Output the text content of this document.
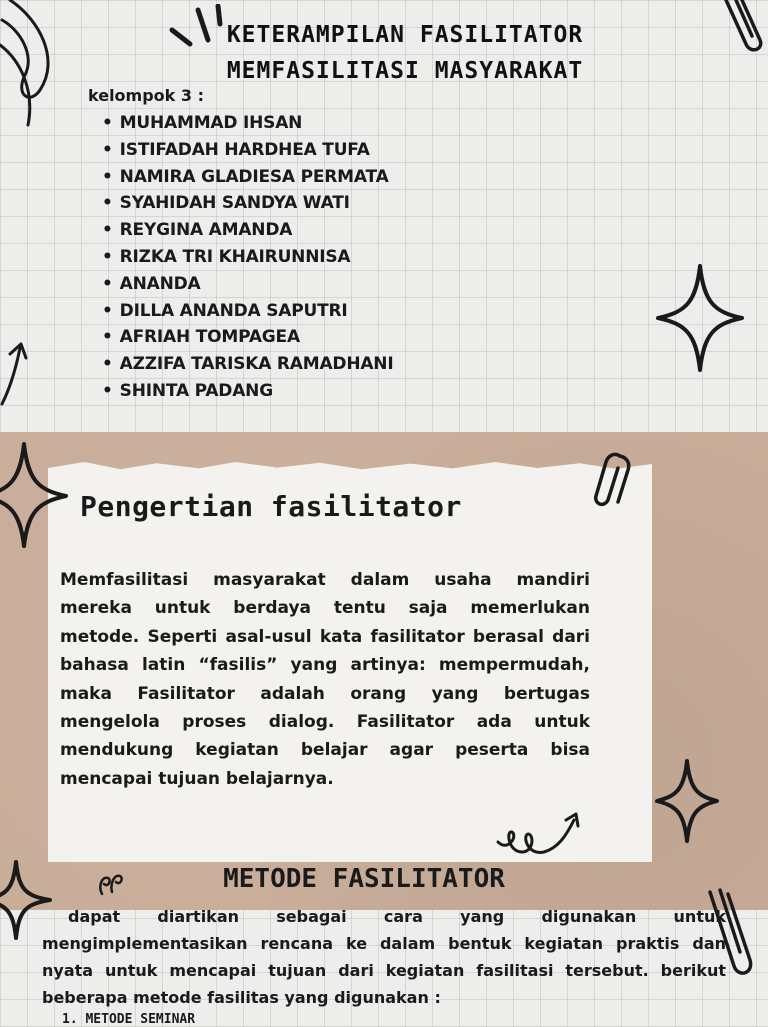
KETERAMPILAN FASILITATOR
MEMFASILITASI MASYARAKAT
kelompok 3 :
• MUHAMMAD IHSAN
• ISTIFADAH HARDHEA TUFA
• NAMIRA GLADIESA PERMATA
• SYAHIDAH SANDYA WATI
• REYGINA AMANDA
• RIZKA TRI KHAIRUNNISA
• ANANDA
• DILLA ANANDA SAPUTRI
• AFRIAH TOMPAGEA
• AZZIFA TARISKA RAMADHANI
• SHINTA PADANG
Pengertian fasilitator
Memfasilitasi masyarakat dalam usaha mandiri mereka untuk berdaya tentu saja memerlukan metode. Seperti asal-usul kata fasilitator berasal dari bahasa latin “fasilis” yang artinya: mempermudah, maka Fasilitator adalah orang yang bertugas mengelola proses dialog. Fasilitator ada untuk mendukung kegiatan belajar agar peserta bisa mencapai tujuan belajarnya.
METODE FASILITATOR
dapat diartikan sebagai cara yang digunakan untuk mengimplementasikan rencana ke dalam bentuk kegiatan praktis dan nyata untuk mencapai tujuan dari kegiatan fasilitasi tersebut. berikut beberapa metode fasilitas yang digunakan :
1. METODE SEMINAR
